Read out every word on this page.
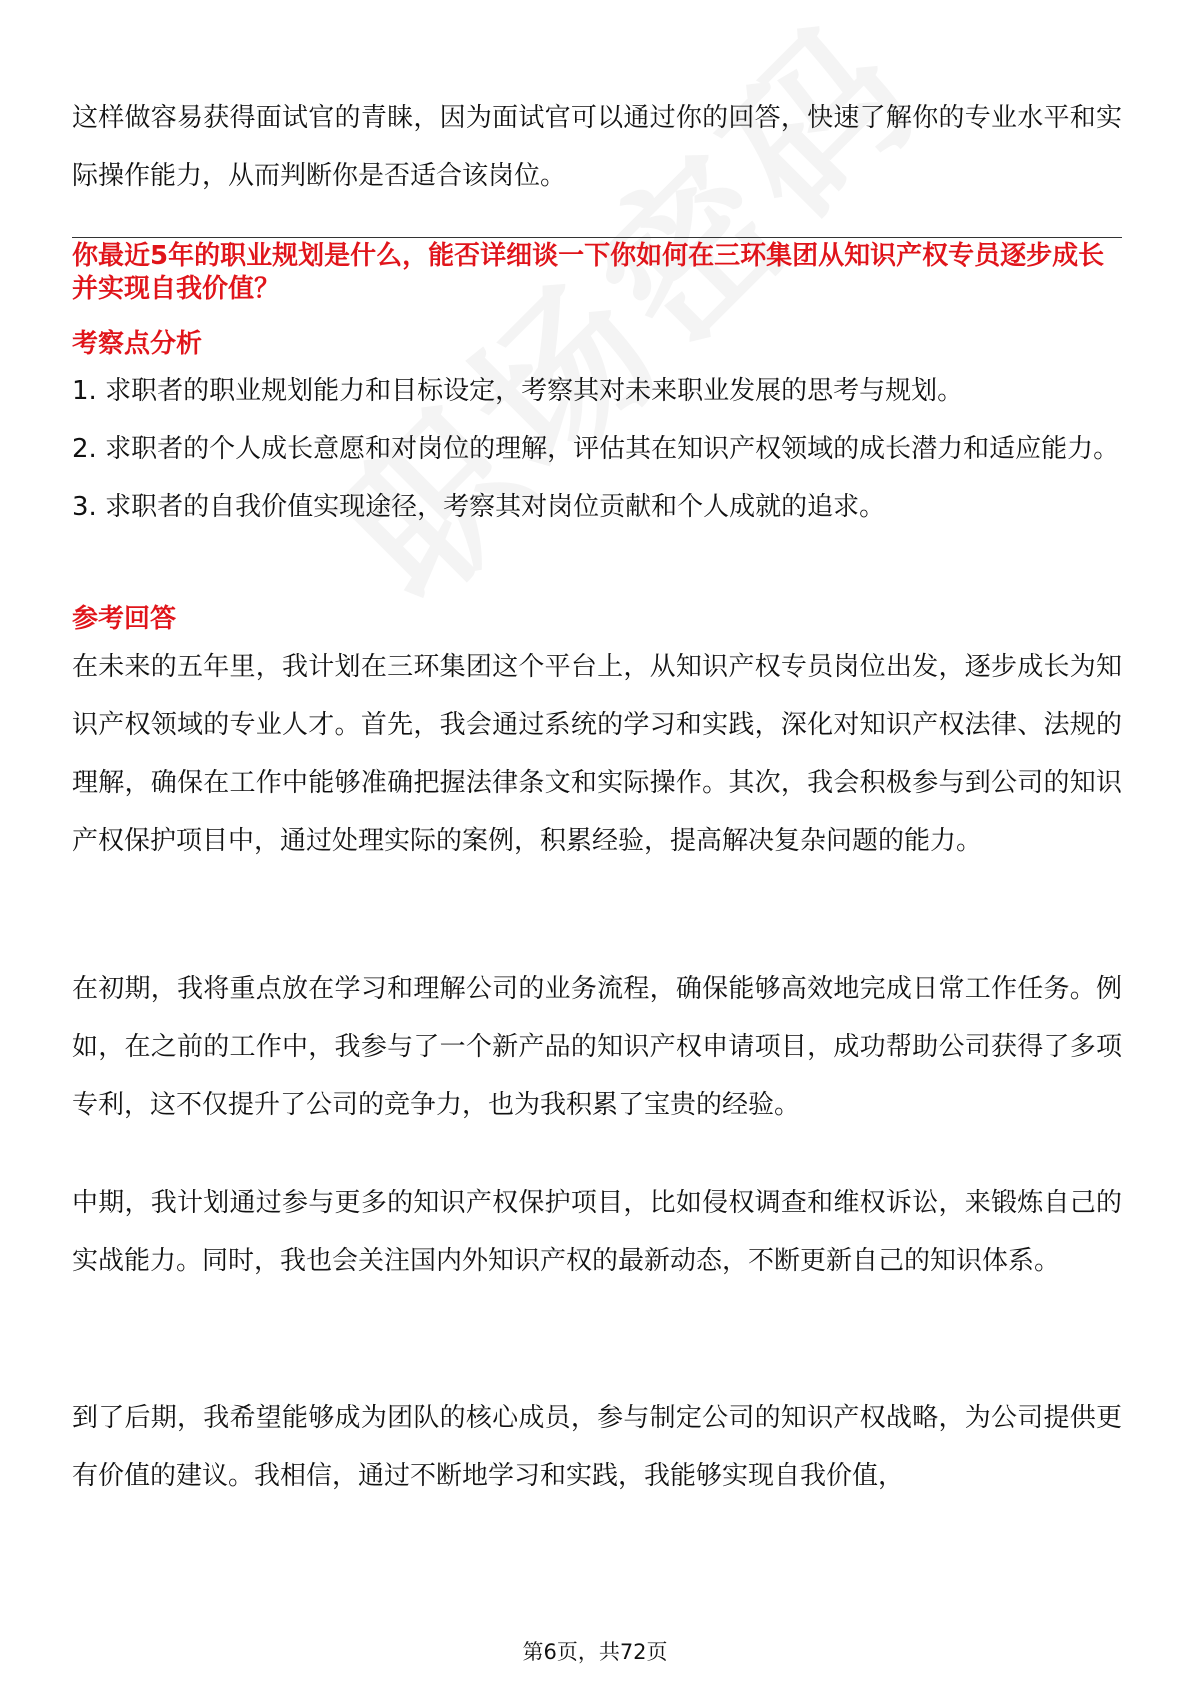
这样做容易获得面试官的青睐，因为面试官可以通过你的回答，快速了解你的专业水平和实际操作能力，从而判断你是否适合该岗位。

你最近5年的职业规划是什么，能否详细谈一下你如何在三环集团从知识产权专员逐步成长并实现自我价值？

考察点分析

1. 求职者的职业规划能力和目标设定，考察其对未来职业发展的思考与规划。

2. 求职者的个人成长意愿和对岗位的理解，评估其在知识产权领域的成长潜力和适应能力。

3. 求职者的自我价值实现途径，考察其对岗位贡献和个人成就的追求。

参考回答

在未来的五年里，我计划在三环集团这个平台上，从知识产权专员岗位出发，逐步成长为知识产权领域的专业人才。首先，我会通过系统的学习和实践，深化对知识产权法律、法规的理解，确保在工作中能够准确把握法律条文和实际操作。其次，我会积极参与到公司的知识产权保护项目中，通过处理实际的案例，积累经验，提高解决复杂问题的能力。

在初期，我将重点放在学习和理解公司的业务流程，确保能够高效地完成日常工作任务。例如，在之前的工作中，我参与了一个新产品的知识产权申请项目，成功帮助公司获得了多项专利，这不仅提升了公司的竞争力，也为我积累了宝贵的经验。

中期，我计划通过参与更多的知识产权保护项目，比如侵权调查和维权诉讼，来锻炼自己的实战能力。同时，我也会关注国内外知识产权的最新动态，不断更新自己的知识体系。

到了后期，我希望能够成为团队的核心成员，参与制定公司的知识产权战略，为公司提供更有价值的建议。我相信，通过不断地学习和实践，我能够实现自我价值，

第6页，共72页
